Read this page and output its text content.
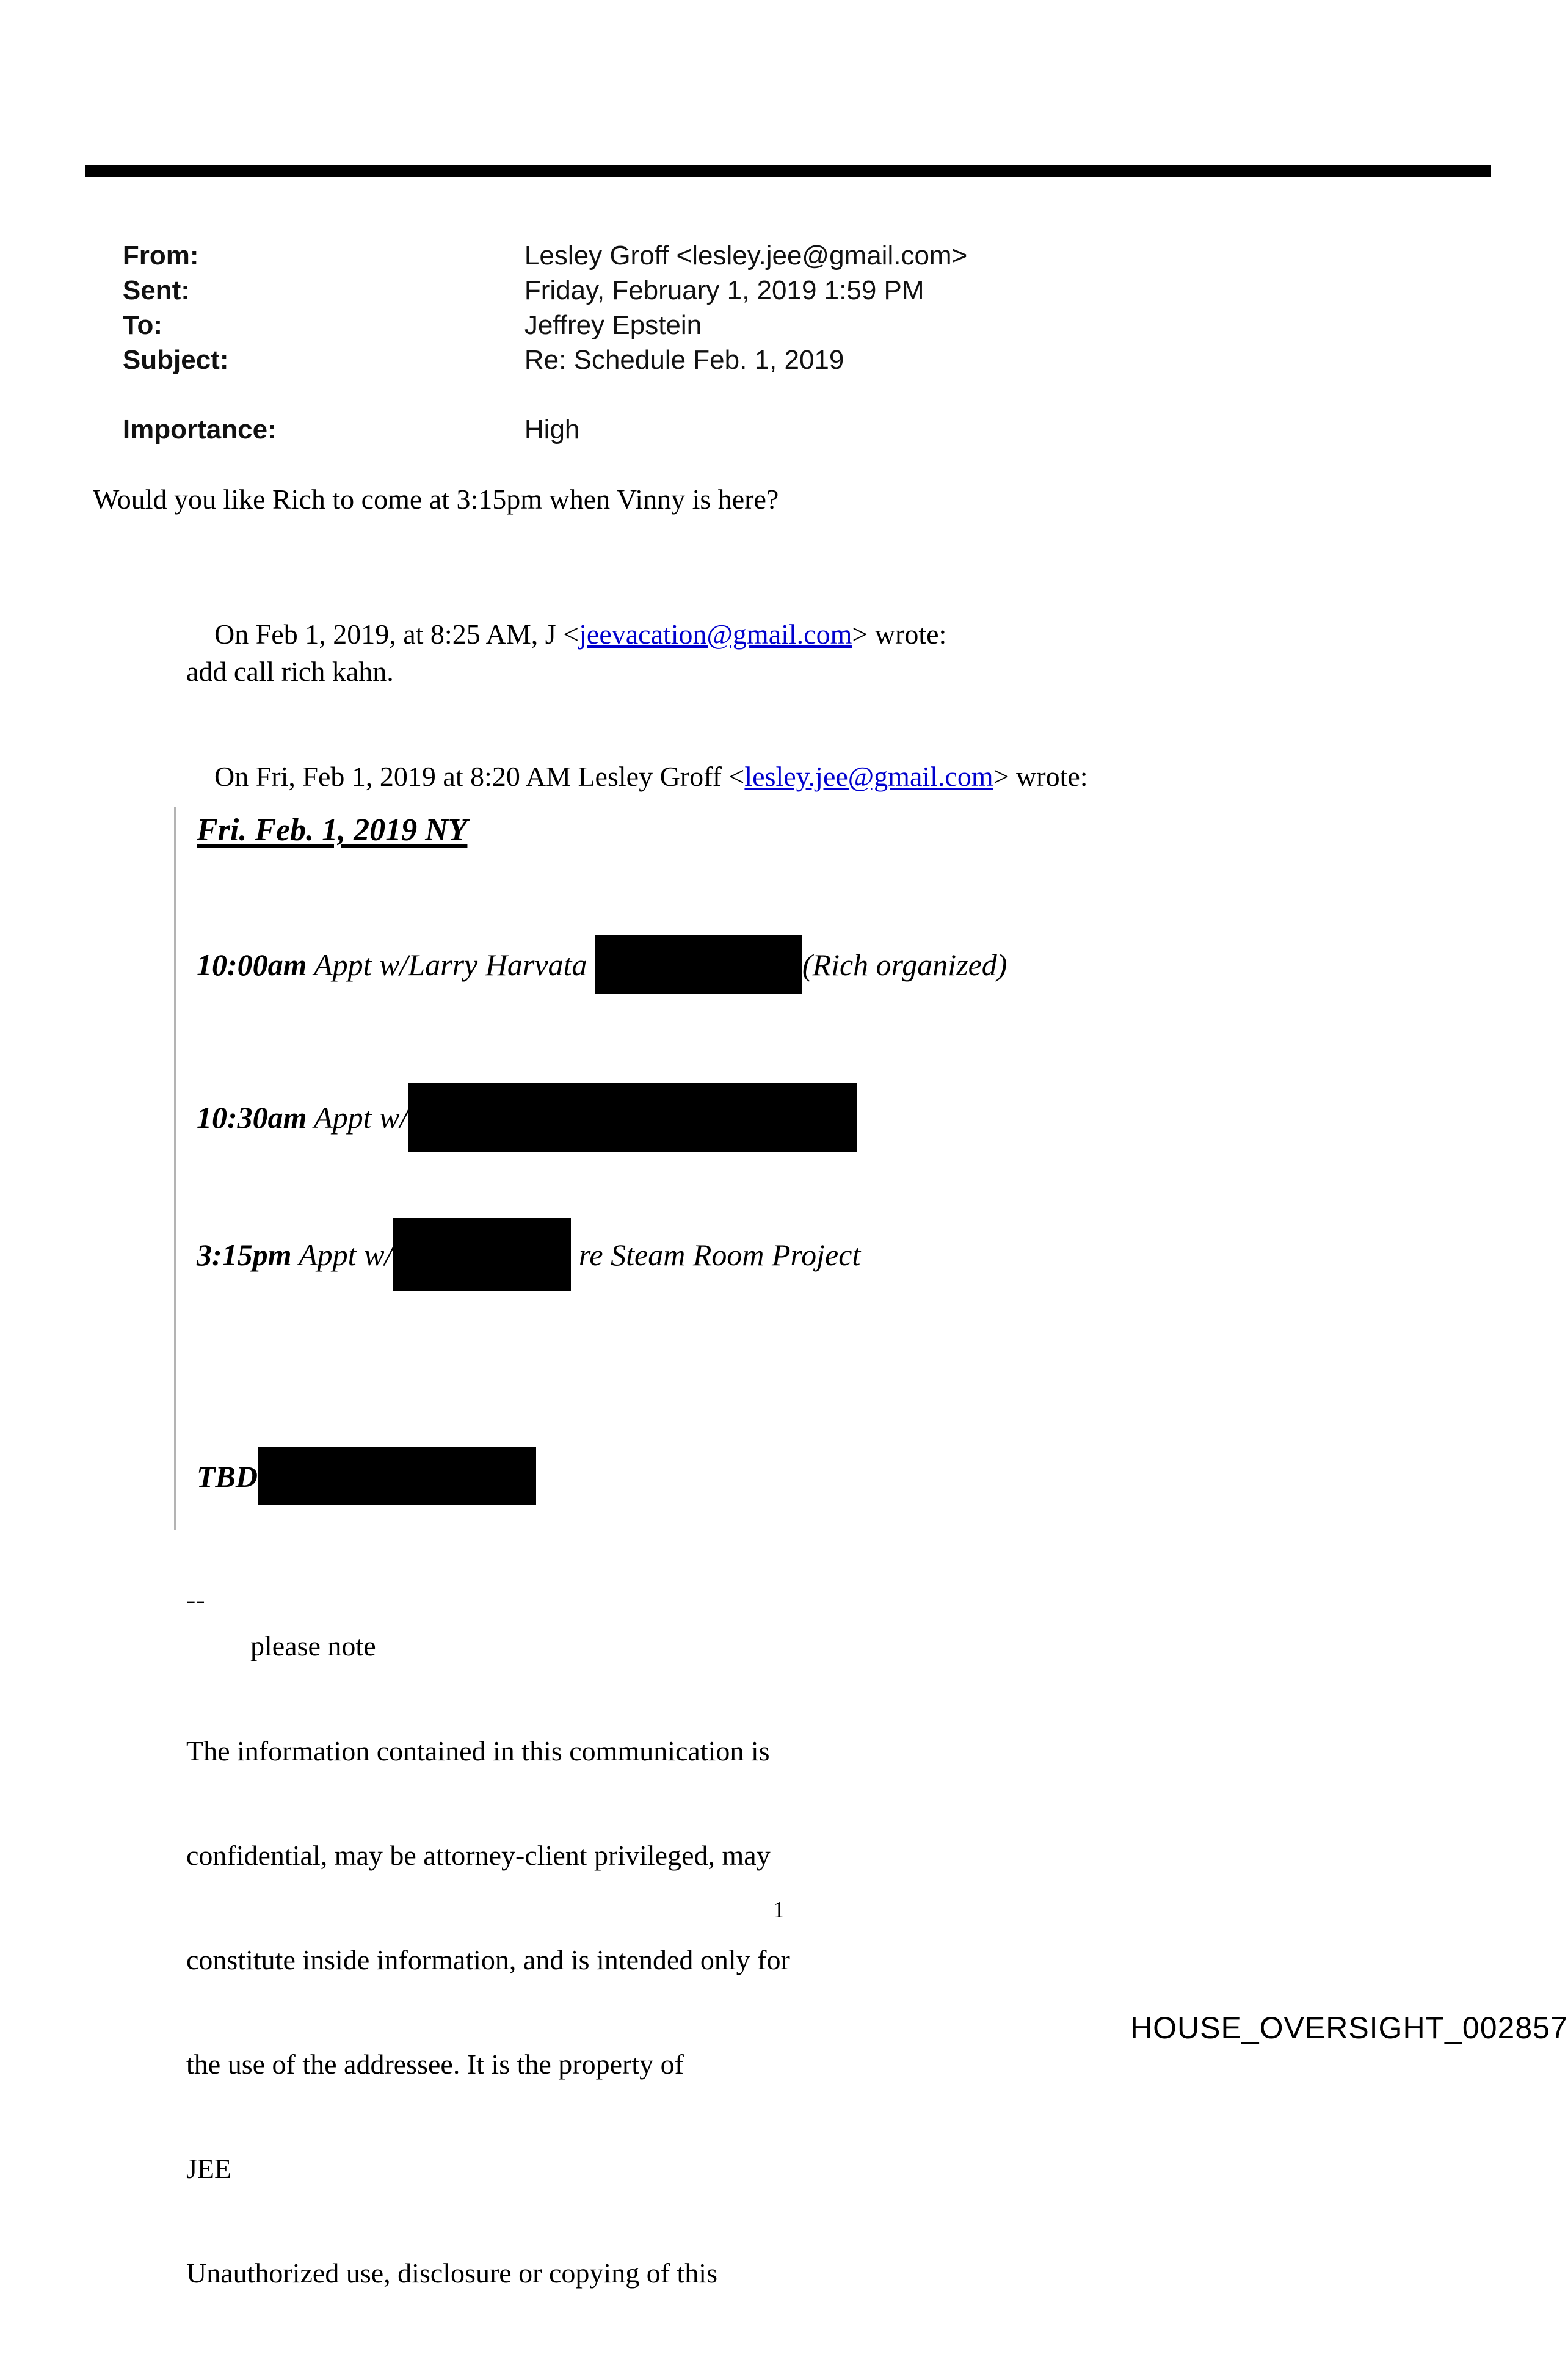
From:	Lesley Groff <lesley.jee@gmail.com>

Sent:	Friday, February 1, 2019 1:59 PM

To:	Jeffrey Epstein

Subject:	Re: Schedule Feb. 1, 2019

Importance:	High

Would you like Rich to come at 3:15pm when Vinny is here?

On Feb 1, 2019, at 8:25 AM, J <jeevacation@gmail.com> wrote:

add call rich kahn.

On Fri, Feb 1, 2019 at 8:20 AM Lesley Groff <lesley.jee@gmail.com> wrote:

Fri. Feb. 1, 2019 NY
10:00am Appt w/Larry Harvata	(Rich organized)
10:30am Appt w/
3:15pm Appt w/	re Steam Room Project
TBD
--
please note

The information contained in this communication is

confidential, may be attorney-client privileged, may

constitute inside information, and is intended only for

the use of the addressee. It is the property of

JEE

Unauthorized use, disclosure or copying of this

1
HOUSE_OVERSIGHT_002857
